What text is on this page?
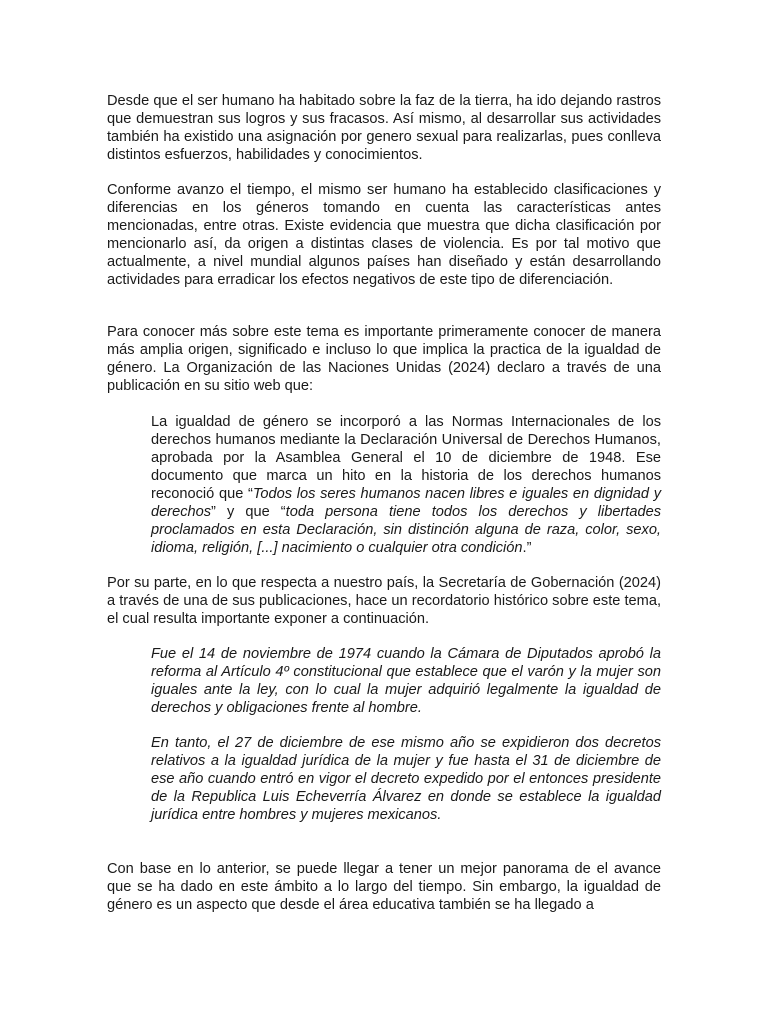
Desde que el ser humano ha habitado sobre la faz de la tierra, ha ido dejando rastros que demuestran sus logros y sus fracasos. Así mismo, al desarrollar sus actividades también ha existido una asignación por genero sexual para realizarlas, pues conlleva distintos esfuerzos, habilidades y conocimientos.

Conforme avanzo el tiempo, el mismo ser humano ha establecido clasificaciones y diferencias en los géneros tomando en cuenta las características antes mencionadas, entre otras. Existe evidencia que muestra que dicha clasificación por mencionarlo así, da origen a distintas clases de violencia. Es por tal motivo que actualmente, a nivel mundial algunos países han diseñado y están desarrollando actividades para erradicar los efectos negativos de este tipo de diferenciación.

Para conocer más sobre este tema es importante primeramente conocer de manera más amplia origen, significado e incluso lo que implica la practica de la igualdad de género. La Organización de las Naciones Unidas (2024) declaro a través de una publicación en su sitio web que:

La igualdad de género se incorporó a las Normas Internacionales de los derechos humanos mediante la Declaración Universal de Derechos Humanos, aprobada por la Asamblea General el 10 de diciembre de 1948. Ese documento que marca un hito en la historia de los derechos humanos reconoció que “Todos los seres humanos nacen libres e iguales en dignidad y derechos” y que “toda persona tiene todos los derechos y libertades proclamados en esta Declaración, sin distinción alguna de raza, color, sexo, idioma, religión, [...] nacimiento o cualquier otra condición.”

Por su parte, en lo que respecta a nuestro país, la Secretaría de Gobernación (2024) a través de una de sus publicaciones, hace un recordatorio histórico sobre este tema, el cual resulta importante exponer a continuación.

Fue el 14 de noviembre de 1974 cuando la Cámara de Diputados aprobó la reforma al Artículo 4º constitucional que establece que el varón y la mujer son iguales ante la ley, con lo cual la mujer adquirió legalmente la igualdad de derechos y obligaciones frente al hombre.

En tanto, el 27 de diciembre de ese mismo año se expidieron dos decretos relativos a la igualdad jurídica de la mujer y fue hasta el 31 de diciembre de ese año cuando entró en vigor el decreto expedido por el entonces presidente de la Republica Luis Echeverría Álvarez en donde se establece la igualdad jurídica entre hombres y mujeres mexicanos.

Con base en lo anterior, se puede llegar a tener un mejor panorama de el avance que se ha dado en este ámbito a lo largo del tiempo. Sin embargo, la igualdad de género es un aspecto que desde el área educativa también se ha llegado a
